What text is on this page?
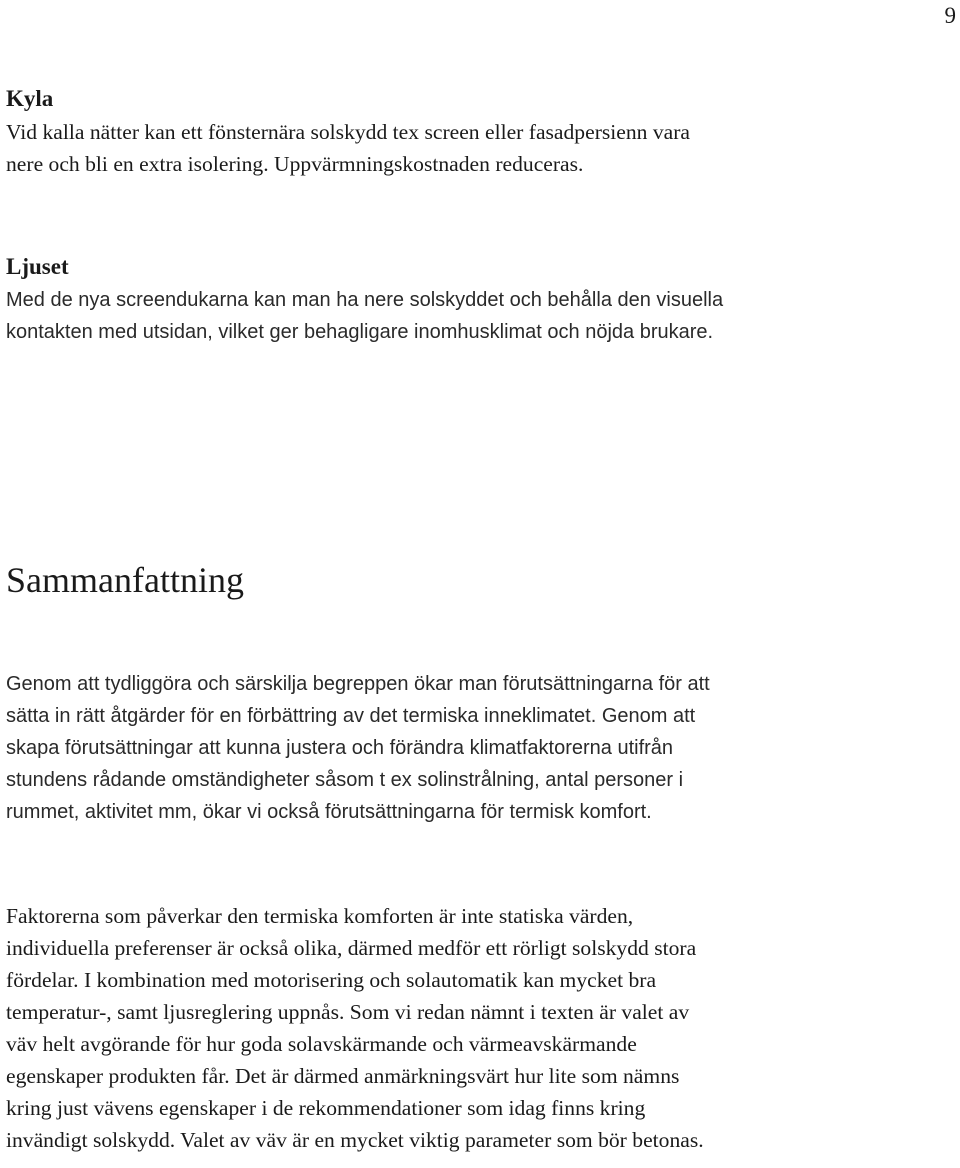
9
Kyla

Vid kalla nätter kan ett fönsternära solskydd tex screen eller fasadpersienn vara
nere och bli en extra isolering. Uppvärmningskostnaden reduceras.

Ljuset

Med de nya screendukarna kan man ha nere solskyddet och behålla den visuella
kontakten med utsidan, vilket ger behagligare inomhusklimat och nöjda brukare.

Sammanfattning

Genom att tydliggöra och särskilja begreppen ökar man förutsättningarna för att
sätta in rätt åtgärder för en förbättring av det termiska inneklimatet. Genom att
skapa förutsättningar att kunna justera och förändra klimatfaktorerna utifrån
stundens rådande omständigheter såsom t ex solinstrålning, antal personer i
rummet, aktivitet mm, ökar vi också förutsättningarna för termisk komfort.

Faktorerna som påverkar den termiska komforten är inte statiska värden,
individuella preferenser är också olika, därmed medför ett rörligt solskydd stora
fördelar. I kombination med motorisering och solautomatik kan mycket bra
temperatur-, samt ljusreglering uppnås. Som vi redan nämnt i texten är valet av
väv helt avgörande för hur goda solavskärmande och värmeavskärmande
egenskaper produkten får. Det är därmed anmärkningsvärt hur lite som nämns
kring just vävens egenskaper i de rekommendationer som idag finns kring
invändigt solskydd. Valet av väv är en mycket viktig parameter som bör betonas.
